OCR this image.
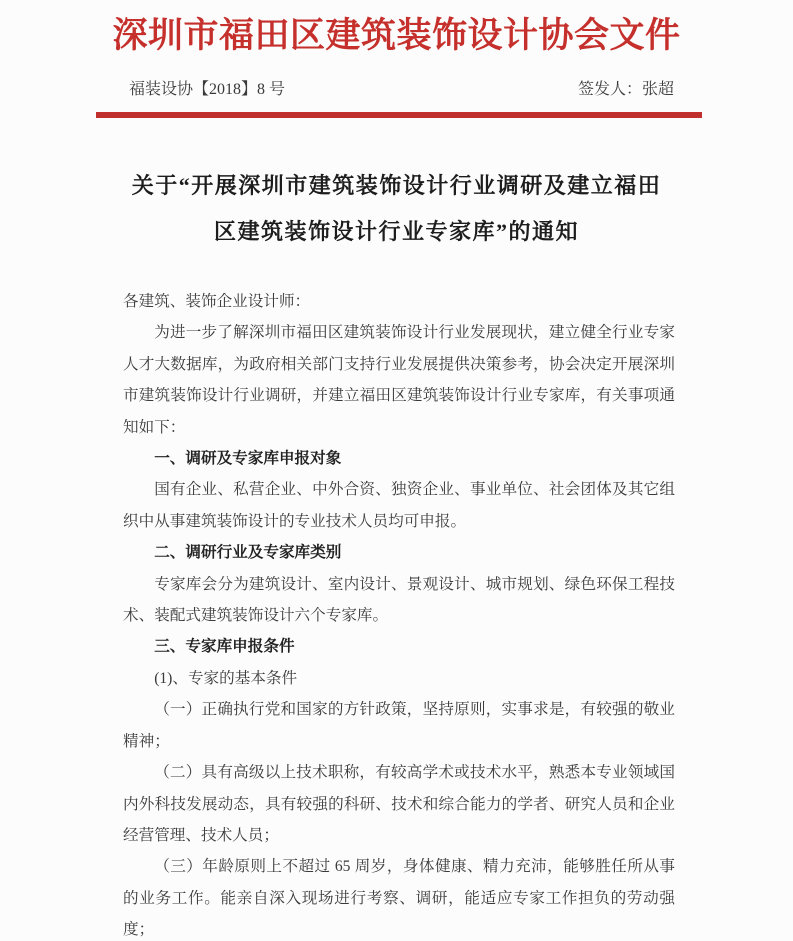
深圳市福田区建筑装饰设计协会文件
福装设协【2018】8 号	签发人：张超
关于“开展深圳市建筑装饰设计行业调研及建立福田
区建筑装饰设计行业专家库”的通知
各建筑、装饰企业设计师：
为进一步了解深圳市福田区建筑装饰设计行业发展现状，建立健全行业专家人才大数据库，为政府相关部门支持行业发展提供决策参考，协会决定开展深圳市建筑装饰设计行业调研，并建立福田区建筑装饰设计行业专家库，有关事项通知如下：
一、调研及专家库申报对象
国有企业、私营企业、中外合资、独资企业、事业单位、社会团体及其它组织中从事建筑装饰设计的专业技术人员均可申报。
二、调研行业及专家库类别
专家库会分为建筑设计、室内设计、景观设计、城市规划、绿色环保工程技术、装配式建筑装饰设计六个专家库。
三、专家库申报条件
(1)、专家的基本条件
（一）正确执行党和国家的方针政策，坚持原则，实事求是，有较强的敬业精神；
（二）具有高级以上技术职称，有较高学术或技术水平，熟悉本专业领域国内外科技发展动态，具有较强的科研、技术和综合能力的学者、研究人员和企业经营管理、技术人员；
（三）年龄原则上不超过 65 周岁，身体健康、精力充沛，能够胜任所从事的业务工作。能亲自深入现场进行考察、调研，能适应专家工作担负的劳动强度；
